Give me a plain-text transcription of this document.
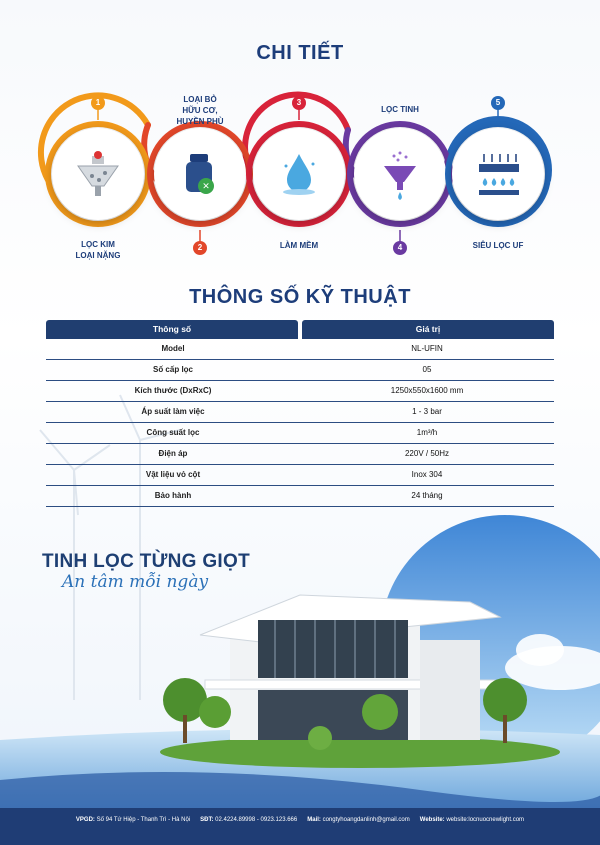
CHI TIẾT
1
LỌC KIM
LOẠI NẶNG
✕
2
LOẠI BỎ
HỮU CƠ,
HUYỀN PHÙ
3
LÀM MỀM	4
LỌC TINH
5
SIÊU LỌC UF
THÔNG SỐ KỸ THUẬT
Thông số	Giá trị
Model	NL-UFIN
Số cấp lọc	05
Kích thước (DxRxC)	1250x550x1600 mm
Áp suất làm việc	1 - 3 bar
Công suất lọc	1m³/h
Điện áp	220V / 50Hz
Vật liệu vỏ cột	Inox 304
Bảo hành	24 tháng
TINH LỌC TỪNG GIỌT
An tâm mỗi ngày
VPGD: Số 94 Tứ Hiệp - Thanh Trì - Hà Nội SĐT: 02.4224.89998 - 0923.123.666 Mail: congtyhoangdanlinh@gmail.com Website: website:locnuocnewlight.com
